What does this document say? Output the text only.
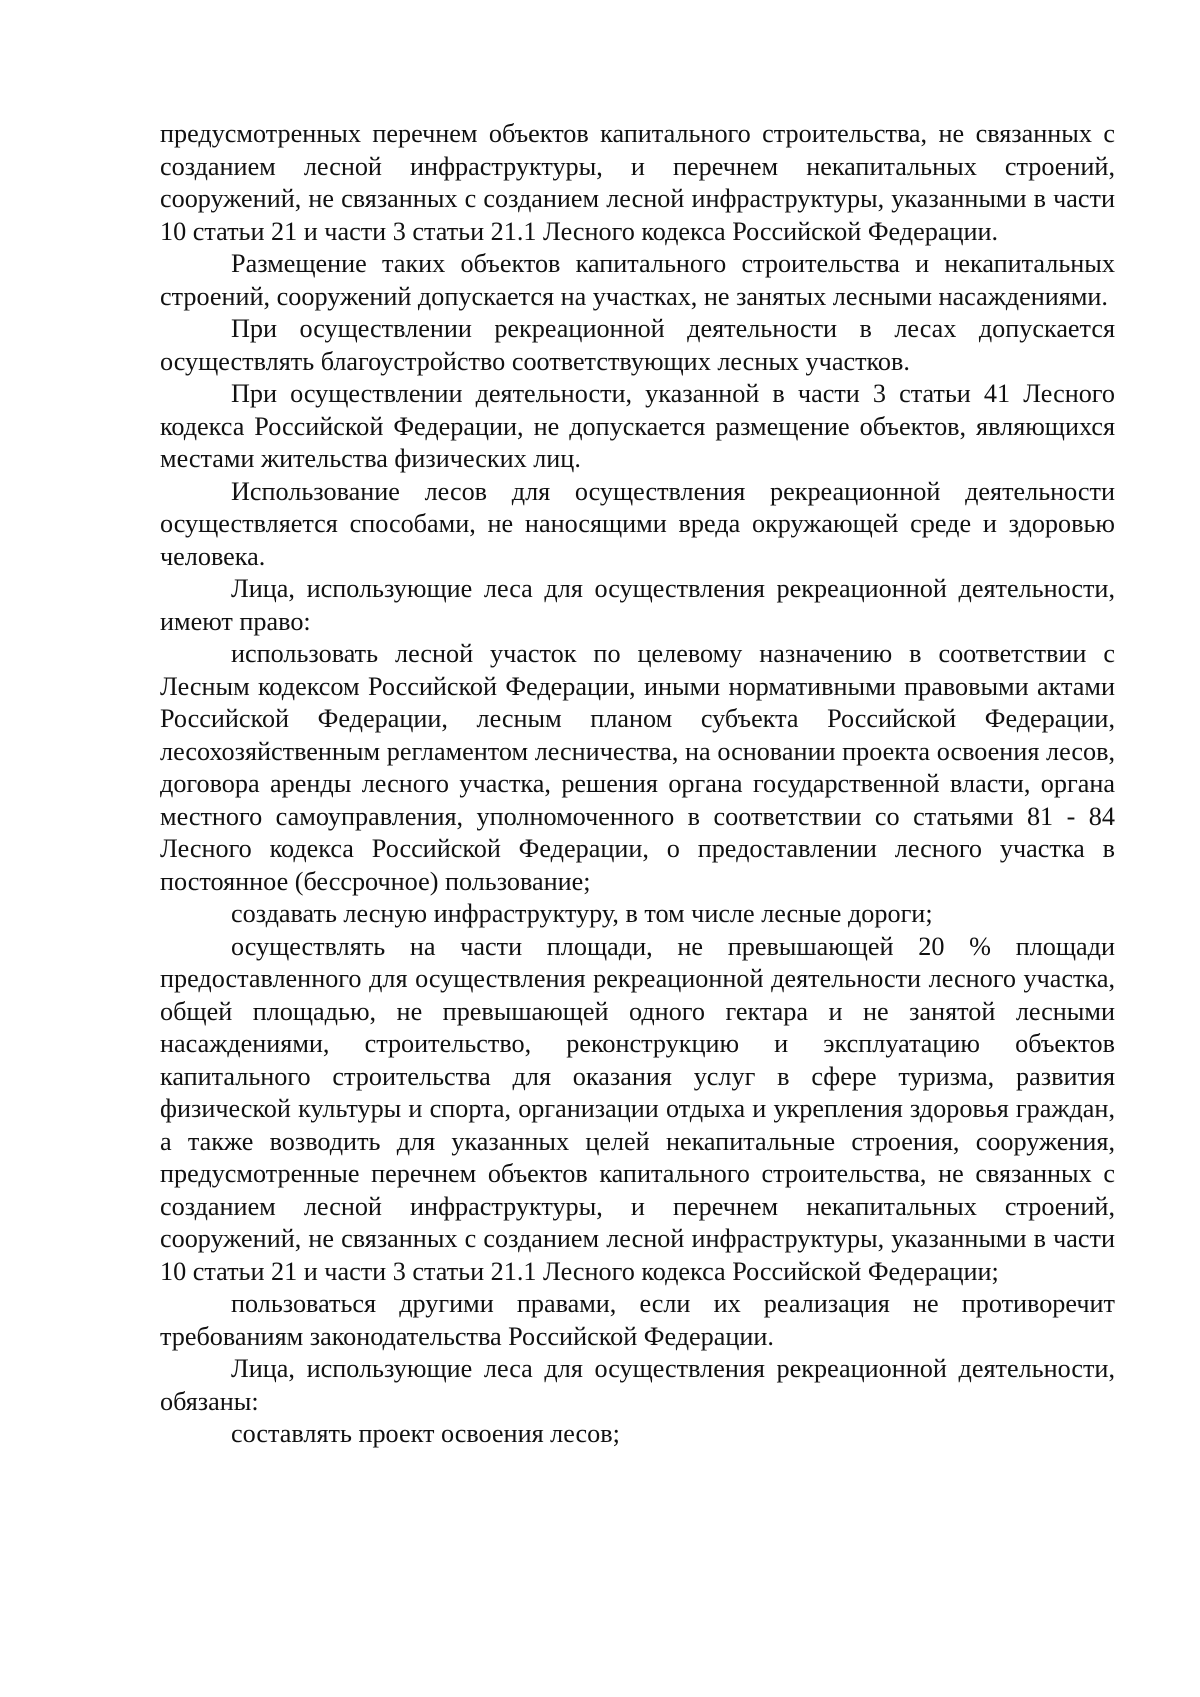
предусмотренных перечнем объектов капитального строительства, не связанных с созданием лесной инфраструктуры, и перечнем некапитальных строений, сооружений, не связанных с созданием лесной инфраструктуры, указанными в части 10 статьи 21 и части 3 статьи 21.1 Лесного кодекса Российской Федерации.

Размещение таких объектов капитального строительства и некапитальных строений, сооружений допускается на участках, не занятых лесными насаждениями.

При осуществлении рекреационной деятельности в лесах допускается осуществлять благоустройство соответствующих лесных участков.

При осуществлении деятельности, указанной в части 3 статьи 41 Лесного кодекса Российской Федерации, не допускается размещение объектов, являющихся местами жительства физических лиц.

Использование лесов для осуществления рекреационной деятельности осуществляется способами, не наносящими вреда окружающей среде и здоровью человека.

Лица, использующие леса для осуществления рекреационной деятельности, имеют право:

использовать лесной участок по целевому назначению в соответствии с Лесным кодексом Российской Федерации, иными нормативными правовыми актами Российской Федерации, лесным планом субъекта Российской Федерации, лесохозяйственным регламентом лесничества, на основании проекта освоения лесов, договора аренды лесного участка, решения органа государственной власти, органа местного самоуправления, уполномоченного в соответствии со статьями 81 - 84 Лесного кодекса Российской Федерации, о предоставлении лесного участка в постоянное (бессрочное) пользование;

создавать лесную инфраструктуру, в том числе лесные дороги;

осуществлять на части площади, не превышающей 20 % площади предоставленного для осуществления рекреационной деятельности лесного участка, общей площадью, не превышающей одного гектара и не занятой лесными насаждениями, строительство, реконструкцию и эксплуатацию объектов капитального строительства для оказания услуг в сфере туризма, развития физической культуры и спорта, организации отдыха и укрепления здоровья граждан, а также возводить для указанных целей некапитальные строения, сооружения, предусмотренные перечнем объектов капитального строительства, не связанных с созданием лесной инфраструктуры, и перечнем некапитальных строений, сооружений, не связанных с созданием лесной инфраструктуры, указанными в части 10 статьи 21 и части 3 статьи 21.1 Лесного кодекса Российской Федерации;

пользоваться другими правами, если их реализация не противоречит требованиям законодательства Российской Федерации.

Лица, использующие леса для осуществления рекреационной деятельности, обязаны:

составлять проект освоения лесов;
